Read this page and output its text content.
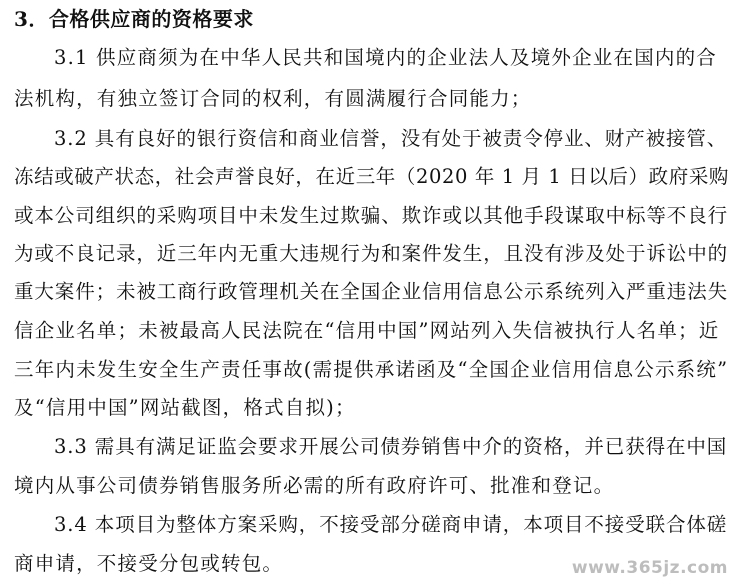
3．合格供应商的资格要求
3.1 供应商须为在中华人民共和国境内的企业法人及境外企业在国内的合
法机构，有独立签订合同的权利，有圆满履行合同能力；
3.2 具有良好的银行资信和商业信誉，没有处于被责令停业、财产被接管、
冻结或破产状态，社会声誉良好，在近三年（2020 年 1 月 1 日以后）政府采购
或本公司组织的采购项目中未发生过欺骗、欺诈或以其他手段谋取中标等不良行
为或不良记录，近三年内无重大违规行为和案件发生，且没有涉及处于诉讼中的
重大案件；未被工商行政管理机关在全国企业信用信息公示系统列入严重违法失
信企业名单；未被最高人民法院在“信用中国”网站列入失信被执行人名单；近
三年内未发生安全生产责任事故(需提供承诺函及“全国企业信用信息公示系统”
及“信用中国”网站截图，格式自拟)；
3.3 需具有满足证监会要求开展公司债券销售中介的资格，并已获得在中国
境内从事公司债券销售服务所必需的所有政府许可、批准和登记。
3.4 本项目为整体方案采购，不接受部分磋商申请，本项目不接受联合体磋
商申请，不接受分包或转包。	www.365jz.com
